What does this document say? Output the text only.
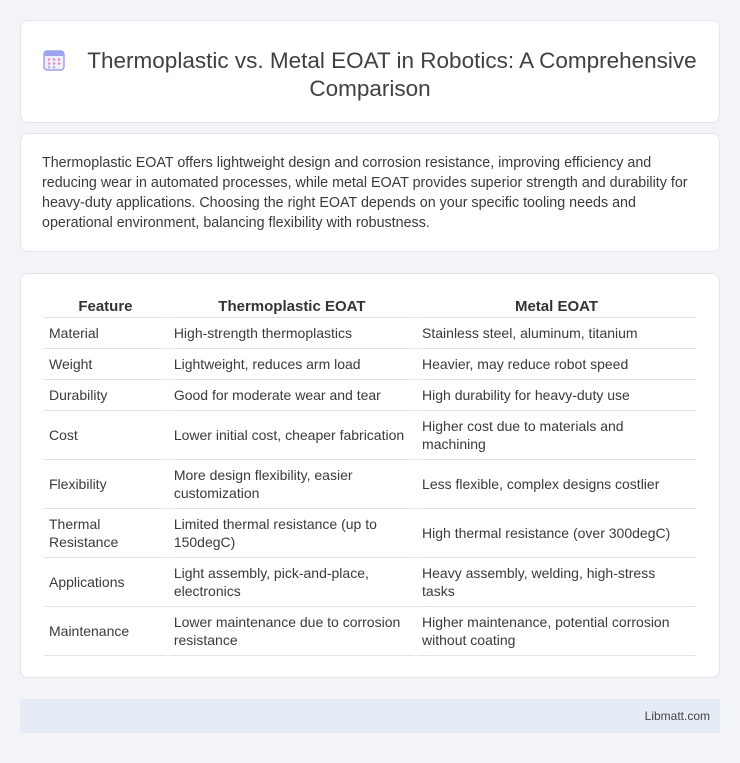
Thermoplastic vs. Metal EOAT in Robotics: A Comprehensive Comparison

Thermoplastic EOAT offers lightweight design and corrosion resistance, improving efficiency and reducing wear in automated processes, while metal EOAT provides superior strength and durability for heavy-duty applications. Choosing the right EOAT depends on your specific tooling needs and operational environment, balancing flexibility with robustness.

Feature	Thermoplastic EOAT	Metal EOAT
Material	High-strength thermoplastics	Stainless steel, aluminum, titanium
Weight	Lightweight, reduces arm load	Heavier, may reduce robot speed
Durability	Good for moderate wear and tear	High durability for heavy-duty use
Cost	Lower initial cost, cheaper fabrication	Higher cost due to materials and machining
Flexibility	More design flexibility, easier customization	Less flexible, complex designs costlier
Thermal Resistance	Limited thermal resistance (up to 150degC)	High thermal resistance (over 300degC)
Applications	Light assembly, pick-and-place, electronics	Heavy assembly, welding, high-stress tasks
Maintenance	Lower maintenance due to corrosion resistance	Higher maintenance, potential corrosion without coating
Libmatt.com
